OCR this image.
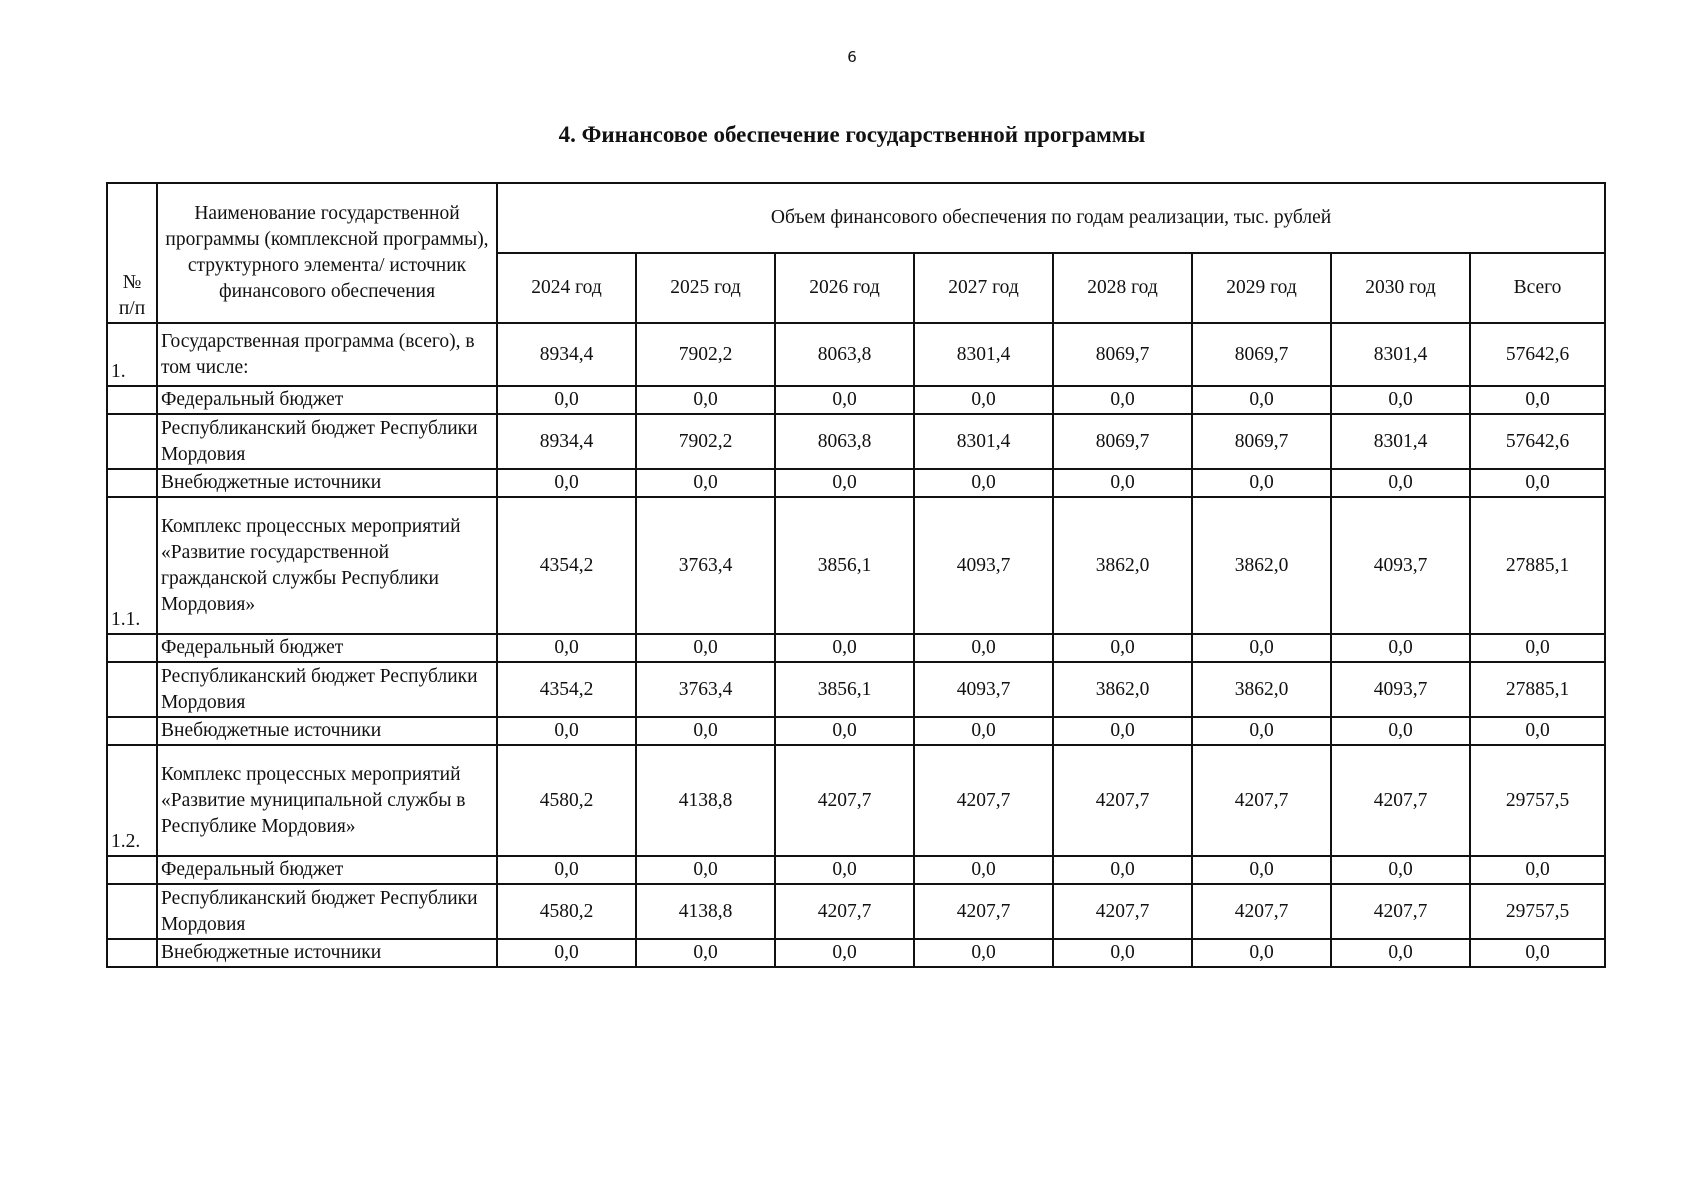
6
4. Финансовое обеспечение государственной программы
№
п/п	Наименование государственной программы (комплексной программы), структурного элемента/ источник финансового обеспечения	Объем финансового обеспечения по годам реализации, тыс. рублей							
		2024 год	2025 год	2026 год	2027 год	2028 год	2029 год	2030 год	Всего
1.	Государственная программа (всего), в том числе:	8934,4	7902,2	8063,8	8301,4	8069,7	8069,7	8301,4	57642,6
	Федеральный бюджет	0,0	0,0	0,0	0,0	0,0	0,0	0,0	0,0
	Республиканский бюджет Республики Мордовия	8934,4	7902,2	8063,8	8301,4	8069,7	8069,7	8301,4	57642,6
	Внебюджетные источники	0,0	0,0	0,0	0,0	0,0	0,0	0,0	0,0
1.1.	Комплекс процессных мероприятий «Развитие государственной гражданской службы Республики Мордовия»	4354,2	3763,4	3856,1	4093,7	3862,0	3862,0	4093,7	27885,1
	Федеральный бюджет	0,0	0,0	0,0	0,0	0,0	0,0	0,0	0,0
	Республиканский бюджет Республики Мордовия	4354,2	3763,4	3856,1	4093,7	3862,0	3862,0	4093,7	27885,1
	Внебюджетные источники	0,0	0,0	0,0	0,0	0,0	0,0	0,0	0,0
1.2.	Комплекс процессных мероприятий «Развитие муниципальной службы в Республике Мордовия»	4580,2	4138,8	4207,7	4207,7	4207,7	4207,7	4207,7	29757,5
	Федеральный бюджет	0,0	0,0	0,0	0,0	0,0	0,0	0,0	0,0
	Республиканский бюджет Республики Мордовия	4580,2	4138,8	4207,7	4207,7	4207,7	4207,7	4207,7	29757,5
	Внебюджетные источники	0,0	0,0	0,0	0,0	0,0	0,0	0,0	0,0
